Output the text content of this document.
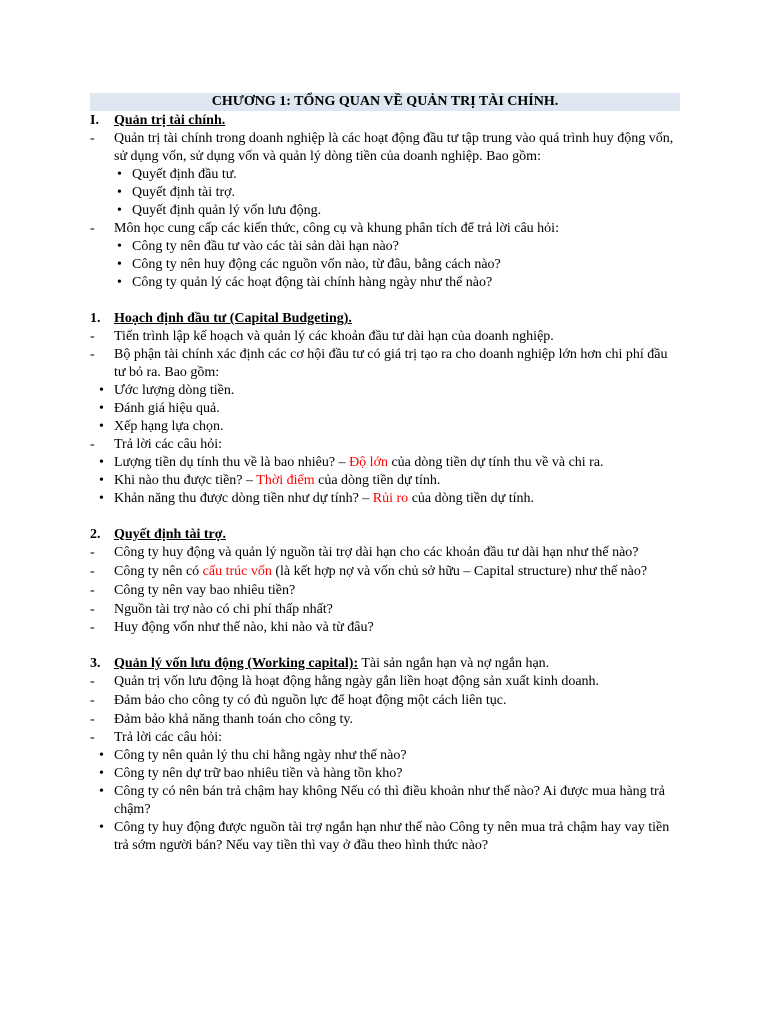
CHƯƠNG 1: TỔNG QUAN VỀ QUẢN TRỊ TÀI CHÍNH.
I. Quản trị tài chính.
- Quản trị tài chính trong doanh nghiệp là các hoạt động đầu tư tập trung vào quá trình huy động vốn, sử dụng vốn, sử dụng vốn và quản lý dòng tiền của doanh nghiệp. Bao gồm:
• Quyết định đầu tư.
• Quyết định tài trợ.
• Quyết định quản lý vốn lưu động.
- Môn học cung cấp các kiến thức, công cụ và khung phân tích để trả lời câu hỏi:
• Công ty nên đầu tư vào các tài sản dài hạn nào?
• Công ty nên huy động các nguồn vốn nào, từ đâu, bằng cách nào?
• Công ty quản lý các hoạt động tài chính hàng ngày như thế nào?
1. Hoạch định đầu tư (Capital Budgeting).
- Tiến trình lập kế hoạch và quản lý các khoản đầu tư dài hạn của doanh nghiệp.
- Bộ phận tài chính xác định các cơ hội đầu tư có giá trị tạo ra cho doanh nghiệp lớn hơn chi phí đầu tư bỏ ra. Bao gồm:
• Ước lượng dòng tiền.
• Đánh giá hiệu quả.
• Xếp hạng lựa chọn.
- Trả lời các câu hỏi:
• Lượng tiền dụ tính thu về là bao nhiêu? – Độ lớn của dòng tiền dự tính thu về và chi ra.
• Khi nào thu được tiền? – Thời điểm của dòng tiền dự tính.
• Khản năng thu được dòng tiền như dự tính? – Rủi ro của dòng tiền dự tính.
2. Quyết định tài trợ.
- Công ty huy động và quản lý nguồn tài trợ dài hạn cho các khoản đầu tư dài hạn như thế nào?
- Công ty nên có cấu trúc vốn (là kết hợp nợ và vốn chủ sở hữu – Capital structure) như thế nào?
- Công ty nên vay bao nhiêu tiền?
- Nguồn tài trợ nào có chi phí thấp nhất?
- Huy động vốn như thế nào, khi nào và từ đâu?
3. Quản lý vốn lưu động (Working capital): Tài sản ngắn hạn và nợ ngắn hạn.
- Quản trị vốn lưu động là hoạt động hằng ngày gắn liền hoạt động sản xuất kinh doanh.
- Đảm bảo cho công ty có đủ nguồn lực để hoạt động một cách liên tục.
- Đảm bảo khả năng thanh toán cho công ty.
- Trả lời các câu hỏi:
• Công ty nên quản lý thu chi hằng ngày như thế nào?
• Công ty nên dự trữ bao nhiêu tiền và hàng tồn kho?
• Công ty có nên bán trả chậm hay không Nếu có thì điều khoản như thế nào? Ai được mua hàng trả chậm?
• Công ty huy động được nguồn tài trợ ngắn hạn như thế nào Công ty nên mua trả chậm hay vay tiền trả sớm người bán? Nếu vay tiền thì vay ở đầu theo hình thức nào?
